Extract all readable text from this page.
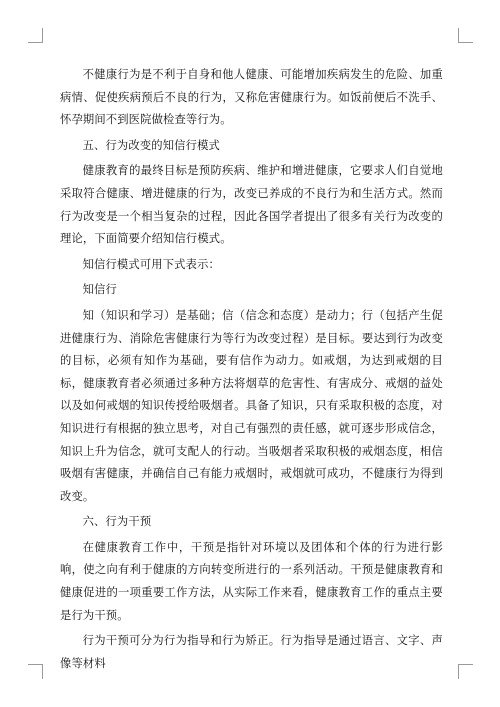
不健康行为是不利于自身和他人健康、可能增加疾病发生的危险、加重病情、促使疾病预后不良的行为，又称危害健康行为。如饭前便后不洗手、怀孕期间不到医院做检查等行为。

五、行为改变的知信行模式

健康教育的最终目标是预防疾病、维护和增进健康，它要求人们自觉地采取符合健康、增进健康的行为，改变已养成的不良行为和生活方式。然而行为改变是一个相当复杂的过程，因此各国学者提出了很多有关行为改变的理论，下面简要介绍知信行模式。

知信行模式可用下式表示：

知信行

知（知识和学习）是基础；信（信念和态度）是动力；行（包括产生促进健康行为、消除危害健康行为等行为改变过程）是目标。要达到行为改变的目标，必须有知作为基础，要有信作为动力。如戒烟，为达到戒烟的目标，健康教育者必须通过多种方法将烟草的危害性、有害成分、戒烟的益处以及如何戒烟的知识传授给吸烟者。具备了知识，只有采取积极的态度，对知识进行有根据的独立思考，对自己有强烈的责任感，就可逐步形成信念，知识上升为信念，就可支配人的行动。当吸烟者采取积极的戒烟态度，相信吸烟有害健康，并确信自己有能力戒烟时，戒烟就可成功，不健康行为得到改变。

六、行为干预

在健康教育工作中，干预是指针对环境以及团体和个体的行为进行影响，使之向有利于健康的方向转变所进行的一系列活动。干预是健康教育和健康促进的一项重要工作方法，从实际工作来看，健康教育工作的重点主要是行为干预。

行为干预可分为行为指导和行为矫正。行为指导是通过语言、文字、声像等材料
